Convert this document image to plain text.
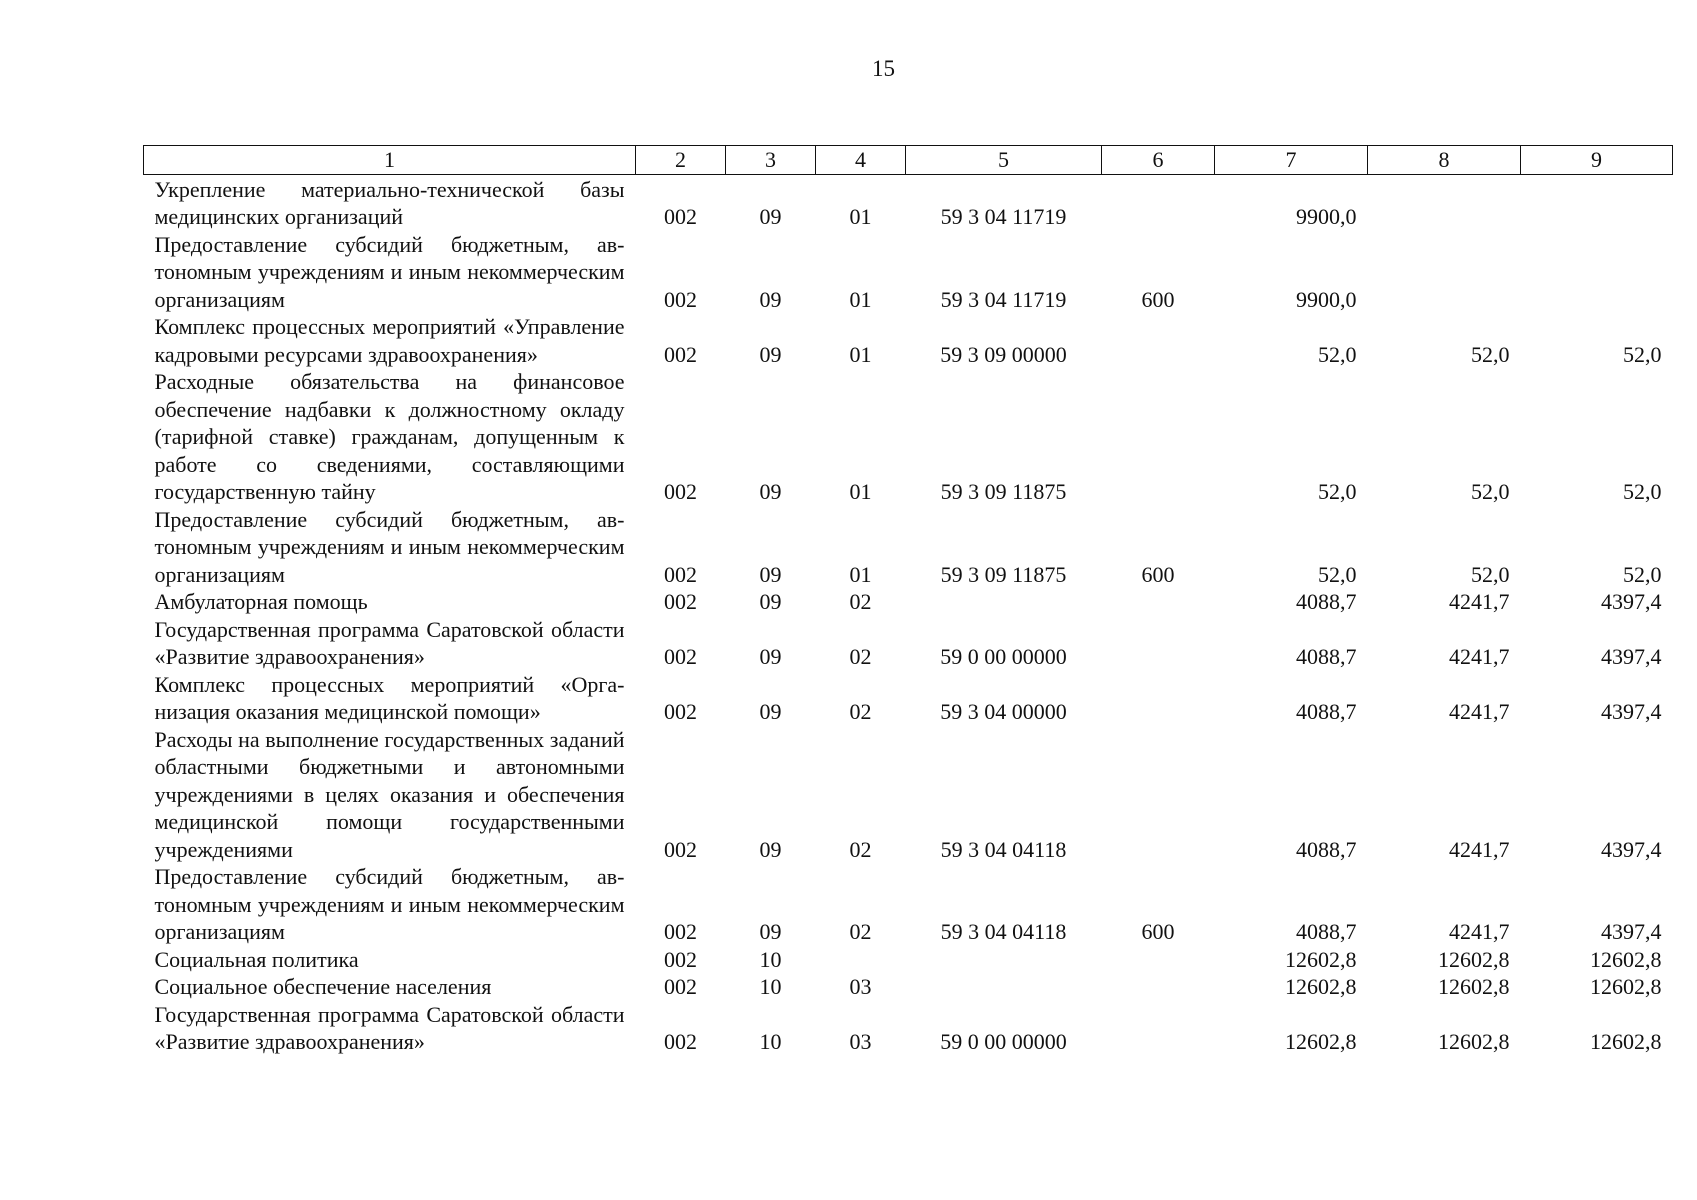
15
1	2	3	4	5	6	7	8	9
Укрепление материально-технической базы медицинских организаций	002	09	01	59 3 04 11719		9900,0		
Предоставление субсидий бюджетным, автономным учреждениям и иным некоммерческим организациям	002	09	01	59 3 04 11719	600	9900,0		
Комплекс процессных мероприятий «Управление кадровыми ресурсами здравоохранения»	002	09	01	59 3 09 00000		52,0	52,0	52,0
Расходные обязательства на финансовое обеспечение надбавки к должностному окладу (тарифной ставке) гражданам, допущенным к работе со сведениями, составляющими государственную тайну	002	09	01	59 3 09 11875		52,0	52,0	52,0
Предоставление субсидий бюджетным, автономным учреждениям и иным некоммерческим организациям	002	09	01	59 3 09 11875	600	52,0	52,0	52,0
Амбулаторная помощь	002	09	02			4088,7	4241,7	4397,4
Государственная программа Саратовской области «Развитие здравоохранения»	002	09	02	59 0 00 00000		4088,7	4241,7	4397,4
Комплекс процессных мероприятий «Организация оказания медицинской помощи»	002	09	02	59 3 04 00000		4088,7	4241,7	4397,4
Расходы на выполнение государственных заданий областными бюджетными и автономными учреждениями в целях оказания и обеспечения медицинской помощи государственными учреждениями	002	09	02	59 3 04 04118		4088,7	4241,7	4397,4
Предоставление субсидий бюджетным, автономным учреждениям и иным некоммерческим организациям	002	09	02	59 3 04 04118	600	4088,7	4241,7	4397,4
Социальная политика	002	10				12602,8	12602,8	12602,8
Социальное обеспечение населения	002	10	03			12602,8	12602,8	12602,8
Государственная программа Саратовской области «Развитие здравоохранения»	002	10	03	59 0 00 00000		12602,8	12602,8	12602,8
